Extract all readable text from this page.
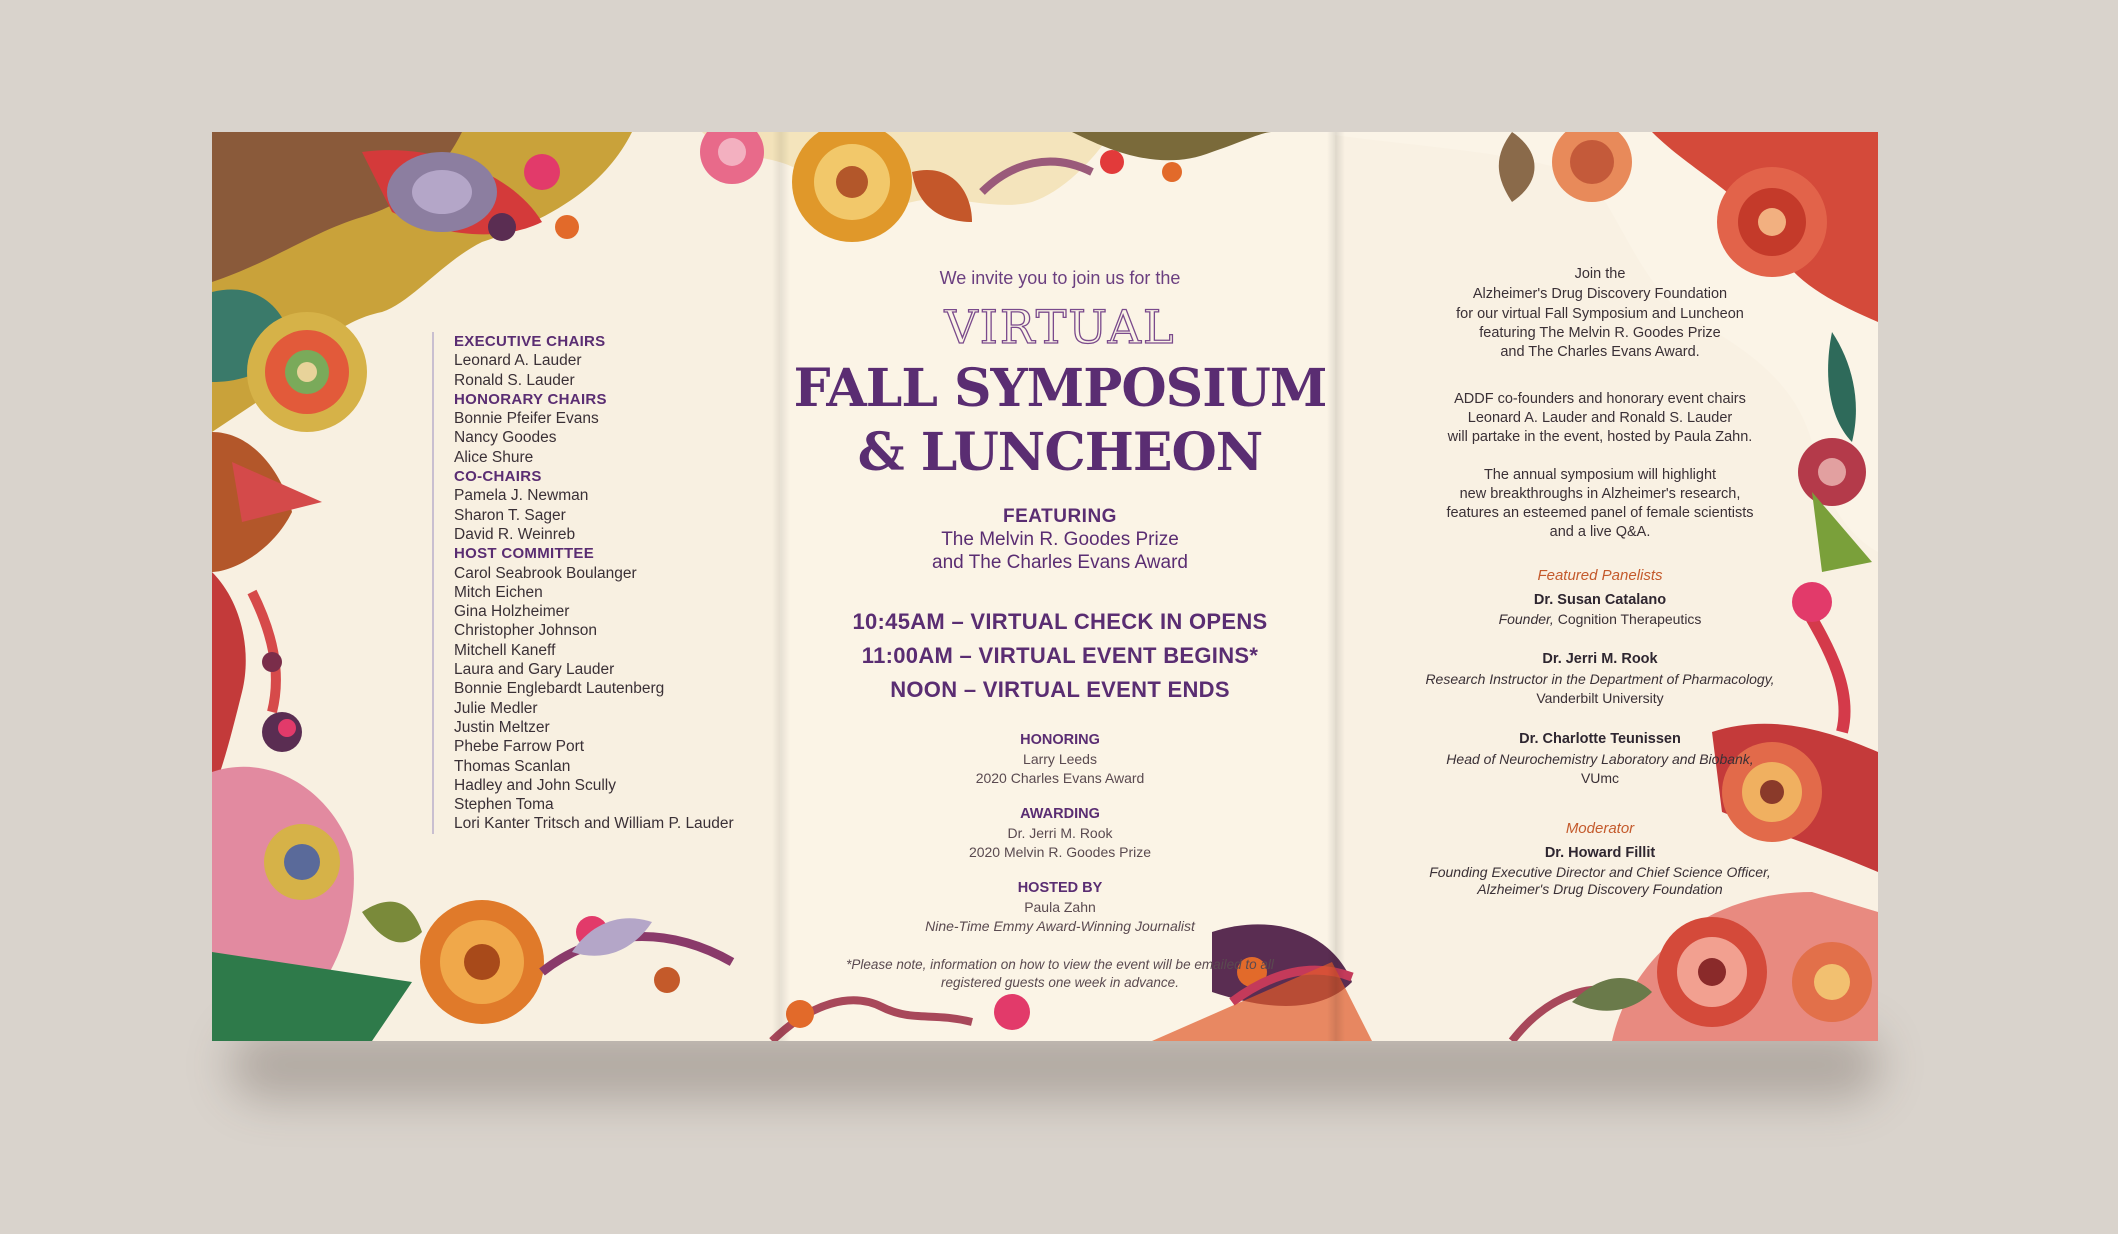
EXECUTIVE CHAIRS
Leonard A. Lauder
Ronald S. Lauder
HONORARY CHAIRS
Bonnie Pfeifer Evans
Nancy Goodes
Alice Shure
CO-CHAIRS
Pamela J. Newman
Sharon T. Sager
David R. Weinreb
HOST COMMITTEE
Carol Seabrook Boulanger
Mitch Eichen
Gina Holzheimer
Christopher Johnson
Mitchell Kaneff
Laura and Gary Lauder
Bonnie Englebardt Lautenberg
Julie Medler
Justin Meltzer
Phebe Farrow Port
Thomas Scanlan
Hadley and John Scully
Stephen Toma
Lori Kanter Tritsch and William P. Lauder
We invite you to join us for the
VIRTUAL
FALL SYMPOSIUM
& LUNCHEON
FEATURING
The Melvin R. Goodes Prize
and The Charles Evans Award
10:45AM – VIRTUAL CHECK IN OPENS
11:00AM – VIRTUAL EVENT BEGINS*
NOON – VIRTUAL EVENT ENDS
HONORING
Larry Leeds
2020 Charles Evans Award
AWARDING
Dr. Jerri M. Rook
2020 Melvin R. Goodes Prize
HOSTED BY
Paula Zahn
Nine-Time Emmy Award-Winning Journalist
*Please note, information on how to view the event will be emailed to all
registered guests one week in advance.
Join the
Alzheimer's Drug Discovery Foundation
for our virtual Fall Symposium and Luncheon
featuring The Melvin R. Goodes Prize
and The Charles Evans Award.
ADDF co-founders and honorary event chairs
Leonard A. Lauder and Ronald S. Lauder
will partake in the event, hosted by Paula Zahn.
The annual symposium will highlight
new breakthroughs in Alzheimer's research,
features an esteemed panel of female scientists
and a live Q&A.
Featured Panelists
Dr. Susan Catalano
Founder, Cognition Therapeutics
Dr. Jerri M. Rook
Research Instructor in the Department of Pharmacology,
Vanderbilt University
Dr. Charlotte Teunissen
Head of Neurochemistry Laboratory and Biobank,
VUmc
Moderator
Dr. Howard Fillit
Founding Executive Director and Chief Science Officer,
Alzheimer's Drug Discovery Foundation
